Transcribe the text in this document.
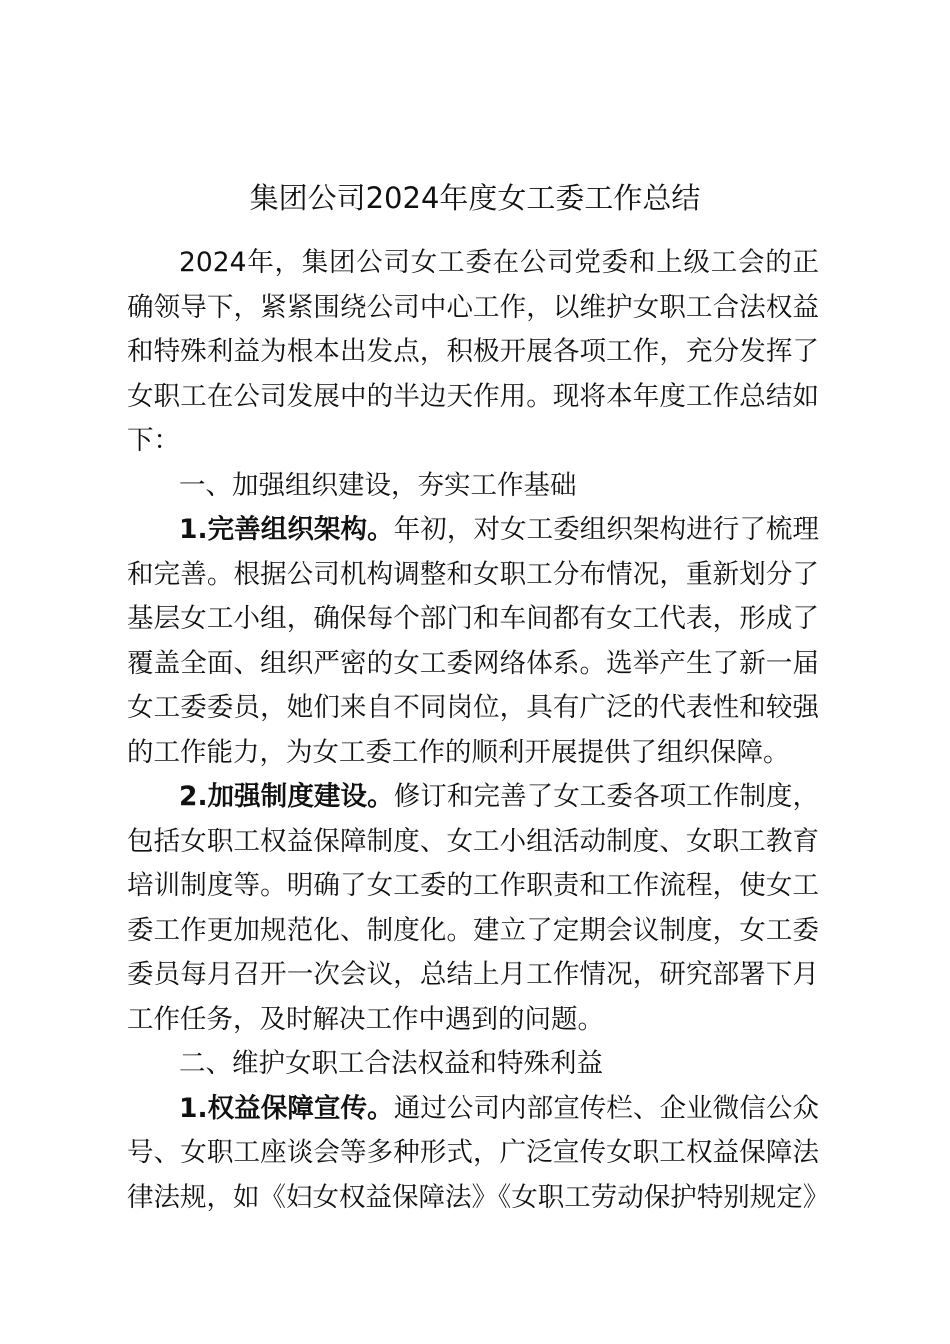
集团公司2024年度女工委工作总结

2024年，集团公司女工委在公司党委和上级工会的正确领导下，紧紧围绕公司中心工作，以维护女职工合法权益和特殊利益为根本出发点，积极开展各项工作，充分发挥了女职工在公司发展中的半边天作用。现将本年度工作总结如下：

一、加强组织建设，夯实工作基础

1.完善组织架构。年初，对女工委组织架构进行了梳理和完善。根据公司机构调整和女职工分布情况，重新划分了基层女工小组，确保每个部门和车间都有女工代表，形成了覆盖全面、组织严密的女工委网络体系。选举产生了新一届女工委委员，她们来自不同岗位，具有广泛的代表性和较强的工作能力，为女工委工作的顺利开展提供了组织保障。

2.加强制度建设。修订和完善了女工委各项工作制度，包括女职工权益保障制度、女工小组活动制度、女职工教育培训制度等。明确了女工委的工作职责和工作流程，使女工委工作更加规范化、制度化。建立了定期会议制度，女工委委员每月召开一次会议，总结上月工作情况，研究部署下月工作任务，及时解决工作中遇到的问题。

二、维护女职工合法权益和特殊利益

1.权益保障宣传。通过公司内部宣传栏、企业微信公众号、女职工座谈会等多种形式，广泛宣传女职工权益保障法律法规，如《妇女权益保障法》《女职工劳动保护特别规定》
